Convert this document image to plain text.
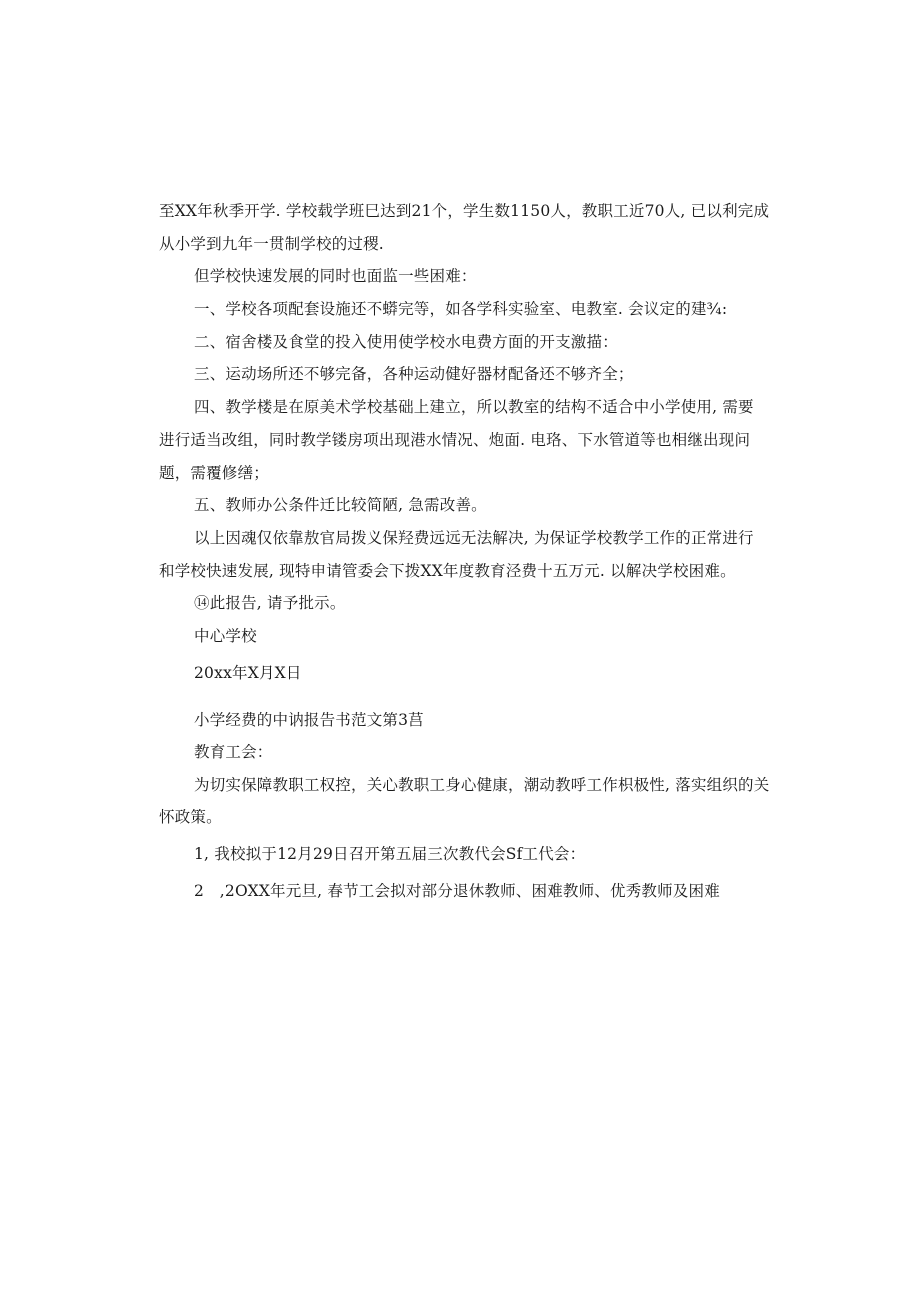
至XX年秋季开学. 学校载学班巳达到21个，学生数1150人，教职工近70人, 已以利完成
从小学到九年一贯制学校的过稷.
但学校快速发展的同时也面监一些困难：
一、学校各项配套设施还不蟒完等，如各学科实验室、电教室. 会议定的建¾:
二、宿舍楼及食堂的投入使用使学校水电费方面的开支激描：
三、运动场所还不够完备，各种运动健好器材配备还不够齐全；
四、教学楼是在原美术学校基础上建立，所以教室的结构不适合中小学使用, 需要
进行适当改组，同时教学镂房项出现港水情况、炮面. 电珞、下水管道等也相继出现问
题，需覆修缮；
五、教师办公条件迁比较简陋, 急需改善。
以上因魂仅依靠敖官局拨义保羟费远远无法解决, 为保证学校教学工作的正常进行
和学校快速发展, 现特申请管委会下拨XX年度教育泾费十五万元. 以解决学校困难。
⑭此报告, 请予批示。
中心学校
20xx年X月X日
小学经费的中讷报告书范文第3莒
教育工会：
为切实保障教职工权控，关心教职工身心健康，潮动教呼工作枳极性, 落实组织的关
怀政策。
1, 我校拟于12月29日召开第五届三次教代会Sf工代会：
2　,2OXX年元旦, 春节工会拟对部分退休教师、困难教师、优秀教师及困难
